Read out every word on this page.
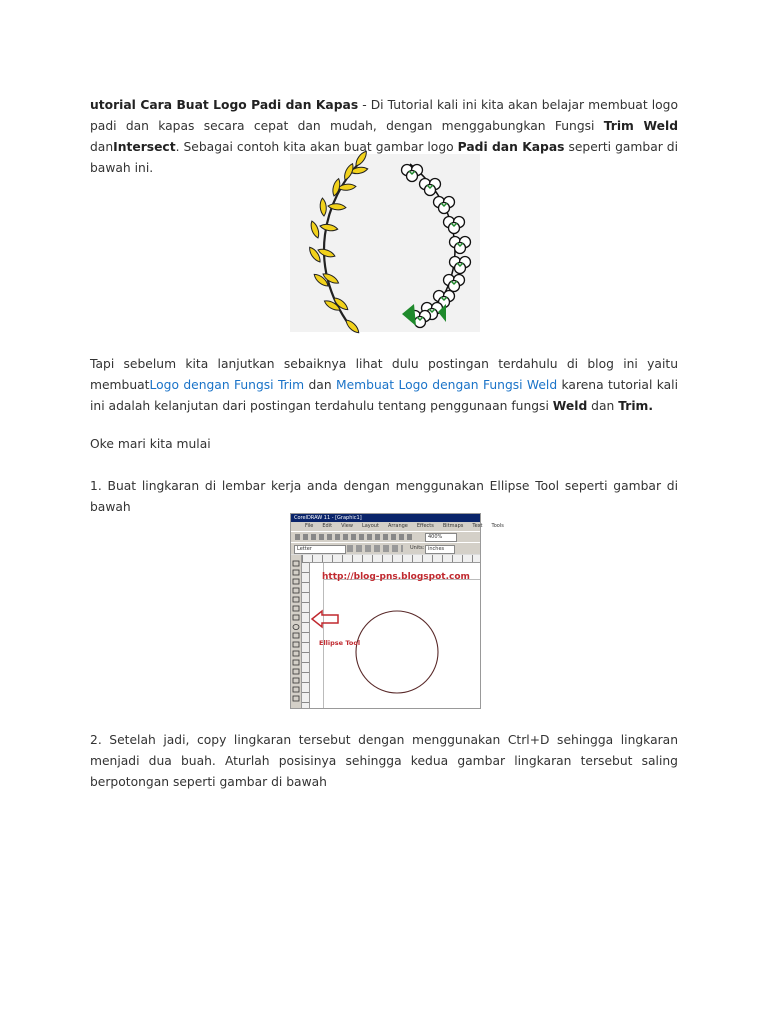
utorial Cara Buat Logo Padi dan Kapas - Di Tutorial kali ini kita akan belajar membuat logo padi dan kapas secara cepat dan mudah, dengan menggabungkan Fungsi Trim Weld danIntersect. Sebagai contoh kita akan buat gambar logo Padi dan Kapas seperti gambar di bawah ini.
Tapi sebelum kita lanjutkan sebaiknya lihat dulu postingan terdahulu di blog ini yaitu membuatLogo dengan Fungsi Trim dan Membuat Logo dengan Fungsi Weld karena tutorial kali ini adalah kelanjutan dari postingan terdahulu tentang penggunaan fungsi Weld dan Trim.
Oke mari kita mulai
1. Buat lingkaran di lembar kerja anda dengan menggunakan Ellipse Tool seperti gambar di bawah
CorelDRAW 11 - [Graphic1]
File Edit View Layout Arrange Effects Bitmaps Text Tools
400%
Letter	Units: inches
http://blog-pns.blogspot.com
Ellipse Tool
2. Setelah jadi, copy lingkaran tersebut dengan menggunakan Ctrl+D sehingga lingkaran menjadi dua buah. Aturlah posisinya sehingga kedua gambar lingkaran tersebut saling berpotongan seperti gambar di bawah
